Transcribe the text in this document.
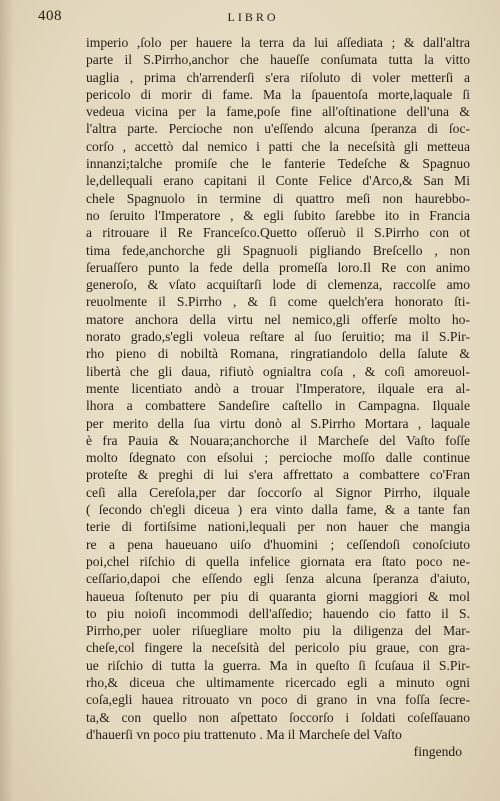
408	LIBRO
imperio ,ſolo per hauere la terra da lui aſſediata ; & dall'altra
parte il S.Pirrho,anchor che haueſſe conſumata tutta la vitto
uaglia , prima ch'arrenderſi s'era riſoluto di voler metterſi a
pericolo di morir di fame. Ma la ſpauentoſa morte,laquale ſi
vedeua vicina per la fame,poſe fine all'oſtinatione dell'una &
l'altra parte. Percioche non u'eſſendo alcuna ſperanza di ſoc-
corſo , accettò dal nemico i patti che la neceſsità gli metteua
innanzi;talche promiſe che le fanterie Tedeſche & Spagnuo
le,dellequali erano capitani il Conte Felice d'Arco,& San Mi
chele Spagnuolo in termine di quattro meſi non haurebbo-
no ſeruito l'Imperatore , & egli ſubito ſarebbe ito in Francia
a ritrouare il Re Franceſco.Quetto oſſeruò il S.Pirrho con ot
tima fede,anchorche gli Spagnuoli pigliando Breſcello , non
ſeruaſſero punto la fede della promeſſa loro.Il Re con animo
generoſo, & vſato acquiſtarſi lode di clemenza, raccolſe amo
reuolmente il S.Pirrho , & ſi come quelch'era honorato ſti-
matore anchora della virtu nel nemico,gli offerſe molto ho-
norato grado,s'egli voleua reſtare al ſuo ſeruitio; ma il S.Pir-
rho pieno di nobiltà Romana, ringratiandolo della ſalute &
libertà che gli daua, rifiutò ognialtra coſa , & coſi amoreuol-
mente licentiato andò a trouar l'Imperatore, ilquale era al-
lhora a combattere Sandeſire caſtello in Campagna. Ilquale
per merito della ſua virtu donò al S.Pirrho Mortara , laquale
è fra Pauia & Nouara;anchorche il Marcheſe del Vaſto foſſe
molto ſdegnato con eſsolui ; percioche moſſo dalle continue
proteſte & preghi di lui s'era affrettato a combattere co'Fran
ceſi alla Cereſola,per dar ſoccorſo al Signor Pirrho, ilquale
( ſecondo ch'egli diceua ) era vinto dalla fame, & a tante fan
terie di fortiſsime nationi,lequali per non hauer che mangia
re a pena haueuano uiſo d'huomini ; ceſſendoſi conoſciuto
poi,chel riſchio di quella infelice giornata era ſtato poco ne-
ceſſario,dapoi che eſſendo egli ſenza alcuna ſperanza d'aiuto,
haueua ſoſtenuto per piu di quaranta giorni maggiori & mol
to piu noioſi incommodi dell'aſſedio; hauendo cio fatto il S.
Pirrho,per uoler riſuegliare molto piu la diligenza del Mar-
cheſe,col fingere la neceſsità del pericolo piu graue, con gra-
ue riſchio di tutta la guerra. Ma in queſto ſi ſcuſaua il S.Pir-
rho,& diceua che ultimamente ricercado egli a minuto ogni
coſa,egli hauea ritrouato vn poco di grano in vna foſſa ſecre-
ta,& con quello non aſpettato ſoccorſo i ſoldati coſeſſauano
d'hauerſi vn poco piu trattenuto . Ma il Marcheſe del Vaſto
fingendo
